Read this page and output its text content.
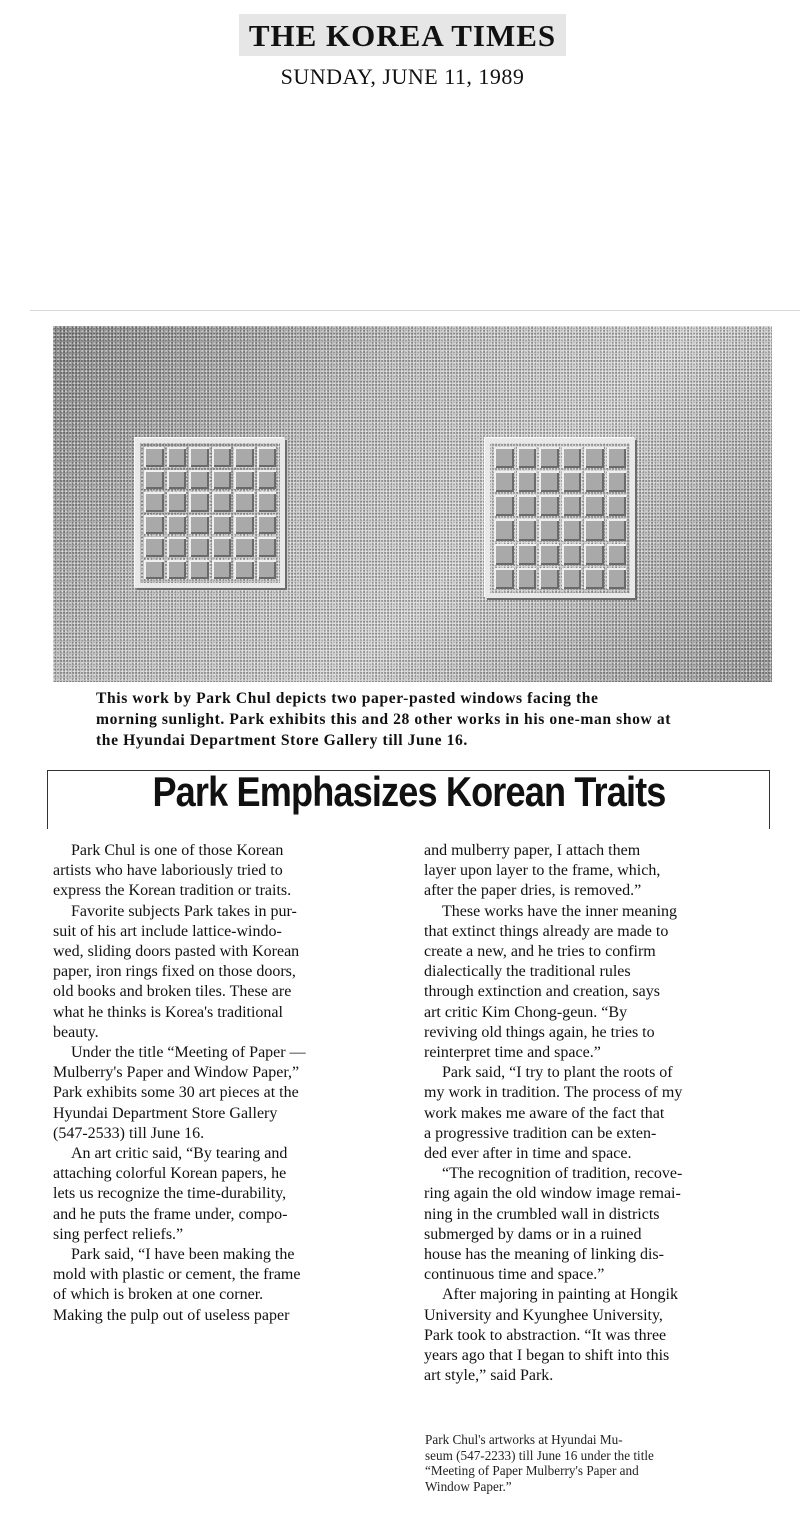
THE KOREA TIMES
SUNDAY, JUNE 11, 1989
This work by Park Chul depicts two paper-pasted windows facing the
morning sunlight. Park exhibits this and 28 other works in his one-man show at
the Hyundai Department Store Gallery till June 16.
Park Emphasizes Korean Traits
Park Chul is one of those Korean
artists who have laboriously tried to
express the Korean tradition or traits.
Favorite subjects Park takes in pur-
suit of his art include lattice-windo-
wed, sliding doors pasted with Korean
paper, iron rings fixed on those doors,
old books and broken tiles. These are
what he thinks is Korea's traditional
beauty.
Under the title “Meeting of Paper —
Mulberry's Paper and Window Paper,”
Park exhibits some 30 art pieces at the
Hyundai Department Store Gallery
(547-2533) till June 16.
An art critic said, “By tearing and
attaching colorful Korean papers, he
lets us recognize the time-durability,
and he puts the frame under, compo-
sing perfect reliefs.”
Park said, “I have been making the
mold with plastic or cement, the frame
of which is broken at one corner.
Making the pulp out of useless paper
and mulberry paper, I attach them
layer upon layer to the frame, which,
after the paper dries, is removed.”
These works have the inner meaning
that extinct things already are made to
create a new, and he tries to confirm
dialectically the traditional rules
through extinction and creation, says
art critic Kim Chong-geun. “By
reviving old things again, he tries to
reinterpret time and space.”
Park said, “I try to plant the roots of
my work in tradition. The process of my
work makes me aware of the fact that
a progressive tradition can be exten-
ded ever after in time and space.
“The recognition of tradition, recove-
ring again the old window image remai-
ning in the crumbled wall in districts
submerged by dams or in a ruined
house has the meaning of linking dis-
continuous time and space.”
After majoring in painting at Hongik
University and Kyunghee University,
Park took to abstraction. “It was three
years ago that I began to shift into this
art style,” said Park.
Park Chul's artworks at Hyundai Mu-
seum (547-2233) till June 16 under the title
“Meeting of Paper Mulberry's Paper and
Window Paper.”
